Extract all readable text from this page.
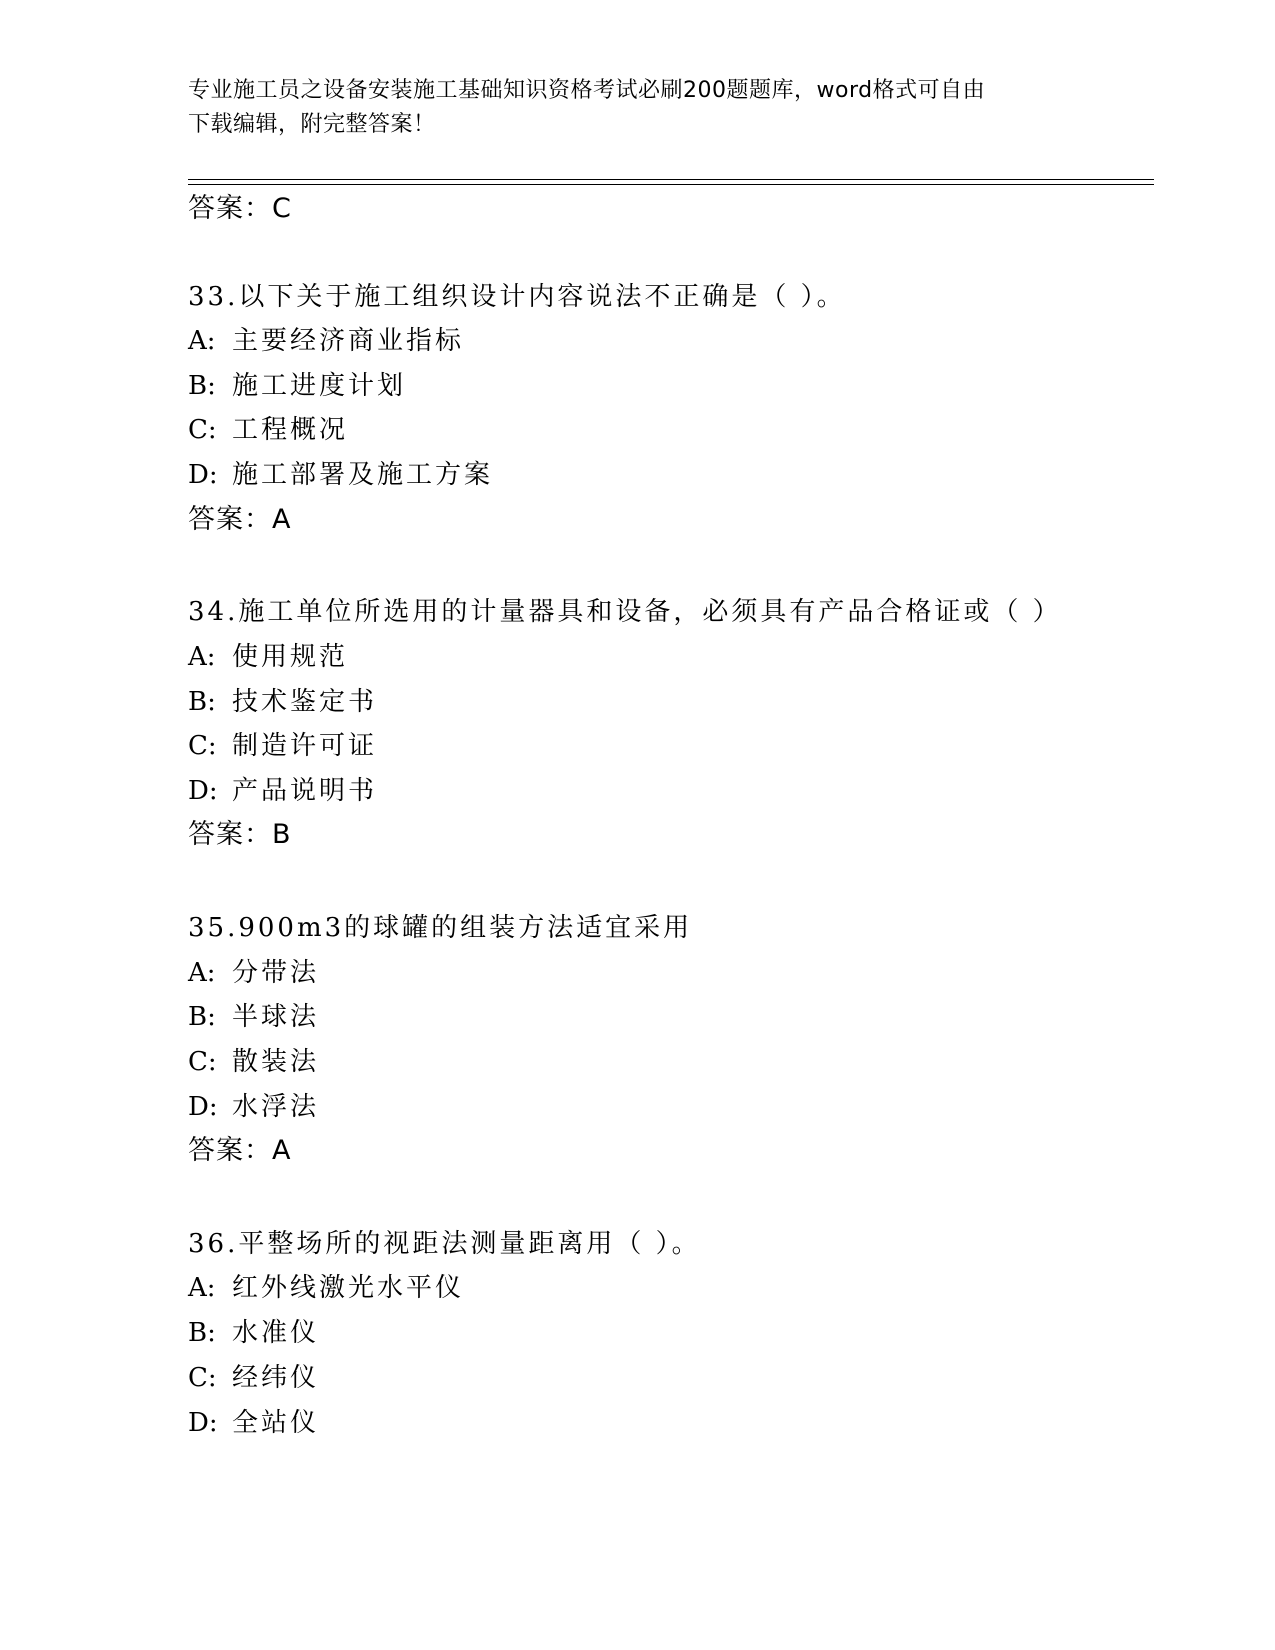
专业施工员之设备安装施工基础知识资格考试必刷200题题库，word格式可自由
下载编辑，附完整答案！
答案：C
33.以下关于施工组织设计内容说法不正确是（ ）。
A: 主要经济商业指标
B: 施工进度计划
C: 工程概况
D: 施工部署及施工方案
答案：A
34.施工单位所选用的计量器具和设备，必须具有产品合格证或（ ）
A: 使用规范
B: 技术鉴定书
C: 制造许可证
D: 产品说明书
答案：B
35.900m3的球罐的组装方法适宜采用
A: 分带法
B: 半球法
C: 散装法
D: 水浮法
答案：A
36.平整场所的视距法测量距离用（ ）。
A: 红外线激光水平仪
B: 水准仪
C: 经纬仪
D: 全站仪
